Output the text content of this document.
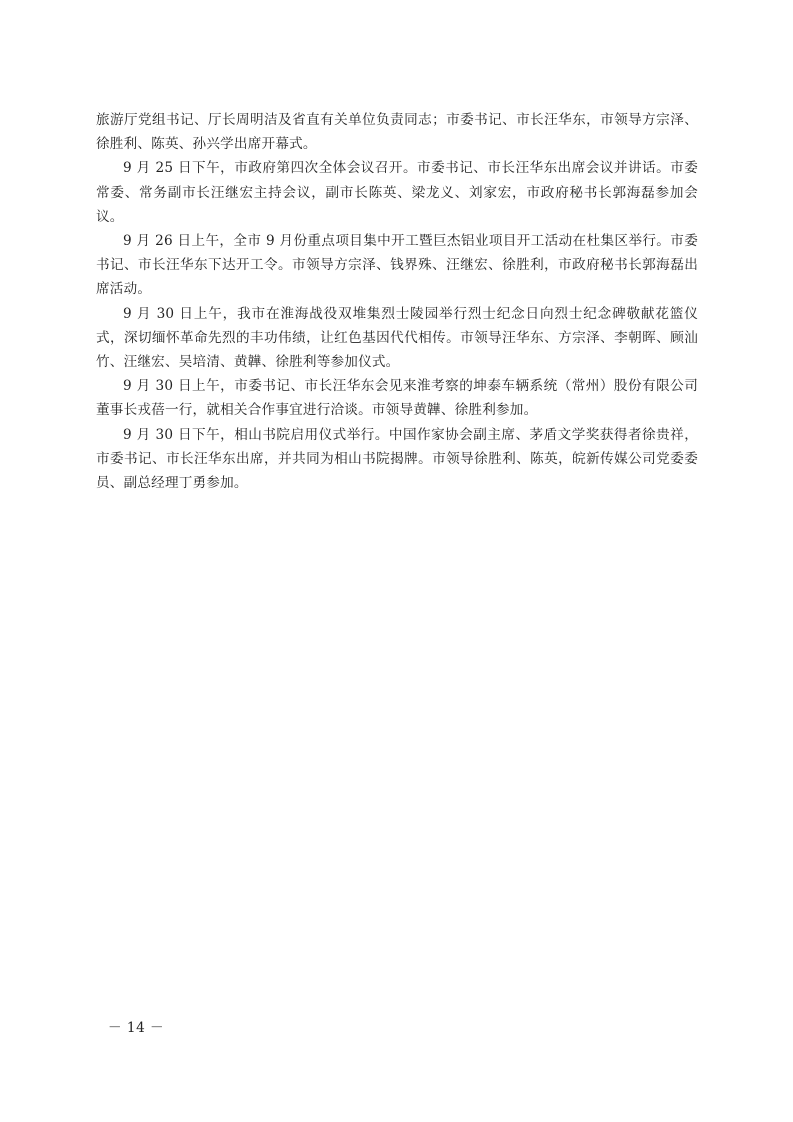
旅游厅党组书记、厅长周明洁及省直有关单位负责同志；市委书记、市长汪华东，市领导方宗泽、徐胜利、陈英、孙兴学出席开幕式。

9 月 25 日下午，市政府第四次全体会议召开。市委书记、市长汪华东出席会议并讲话。市委常委、常务副市长汪继宏主持会议，副市长陈英、梁龙义、刘家宏，市政府秘书长郭海磊参加会议。

9 月 26 日上午，全市 9 月份重点项目集中开工暨巨杰铝业项目开工活动在杜集区举行。市委书记、市长汪华东下达开工令。市领导方宗泽、钱界殊、汪继宏、徐胜利，市政府秘书长郭海磊出席活动。

9 月 30 日上午，我市在淮海战役双堆集烈士陵园举行烈士纪念日向烈士纪念碑敬献花篮仪式，深切缅怀革命先烈的丰功伟绩，让红色基因代代相传。市领导汪华东、方宗泽、李朝晖、顾汕竹、汪继宏、吴培清、黄韡、徐胜利等参加仪式。

9 月 30 日上午，市委书记、市长汪华东会见来淮考察的坤泰车辆系统（常州）股份有限公司董事长戎蓓一行，就相关合作事宜进行洽谈。市领导黄韡、徐胜利参加。

9 月 30 日下午，相山书院启用仪式举行。中国作家协会副主席、茅盾文学奖获得者徐贵祥，市委书记、市长汪华东出席，并共同为相山书院揭牌。市领导徐胜利、陈英，皖新传媒公司党委委员、副总经理丁勇参加。

－ 14 －
